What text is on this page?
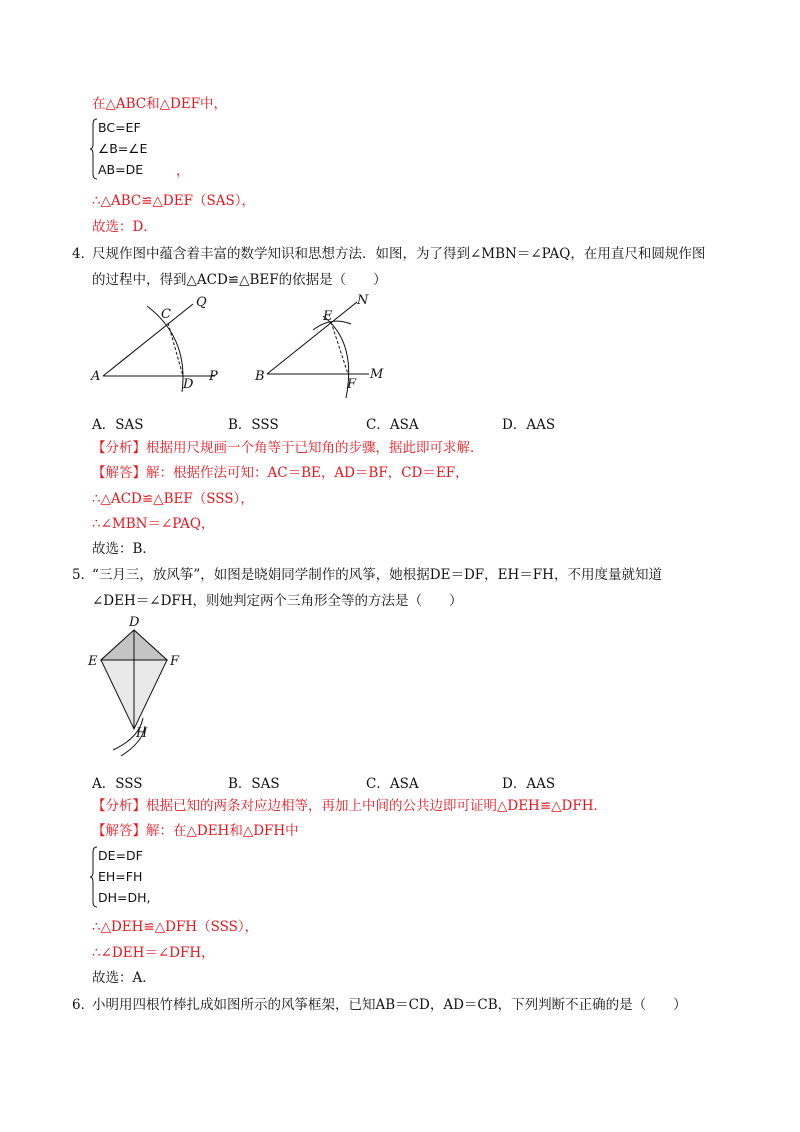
在△ABC和△DEF中，
BC=EF
∠B=∠E
AB=DE ，
∴△ABC≌△DEF（SAS），
故选：D．
4．
尺规作图中蕴含着丰富的数学知识和思想方法．如图，为了得到∠MBN＝∠PAQ，在用直尺和圆规作图
的过程中，得到△ACD≌△BEF的依据是（　　）
A
C
Q
D
P	B
E
N
F
M
A．SAS	B．SSS	C．ASA	D．AAS
【分析】根据用尺规画一个角等于已知角的步骤，据此即可求解．
【解答】解：根据作法可知：AC＝BE，AD＝BF，CD＝EF，
∴△ACD≌△BEF（SSS），
∴∠MBN＝∠PAQ，
故选：B．
5．
“三月三，放风筝”，如图是晓娟同学制作的风筝，她根据DE＝DF，EH＝FH，不用度量就知道
∠DEH＝∠DFH，则她判定两个三角形全等的方法是（　　）
D
E	F
H
A．SSS	B．SAS	C．ASA	D．AAS
【分析】根据已知的两条对应边相等，再加上中间的公共边即可证明△DEH≌△DFH．
【解答】解：在△DEH和△DFH中
DE=DF
EH=FH
DH=DH,
∴△DEH≌△DFH（SSS），
∴∠DEH＝∠DFH，
故选：A．
6．
小明用四根竹棒扎成如图所示的风筝框架，已知AB＝CD，AD＝CB，下列判断不正确的是（　　）
